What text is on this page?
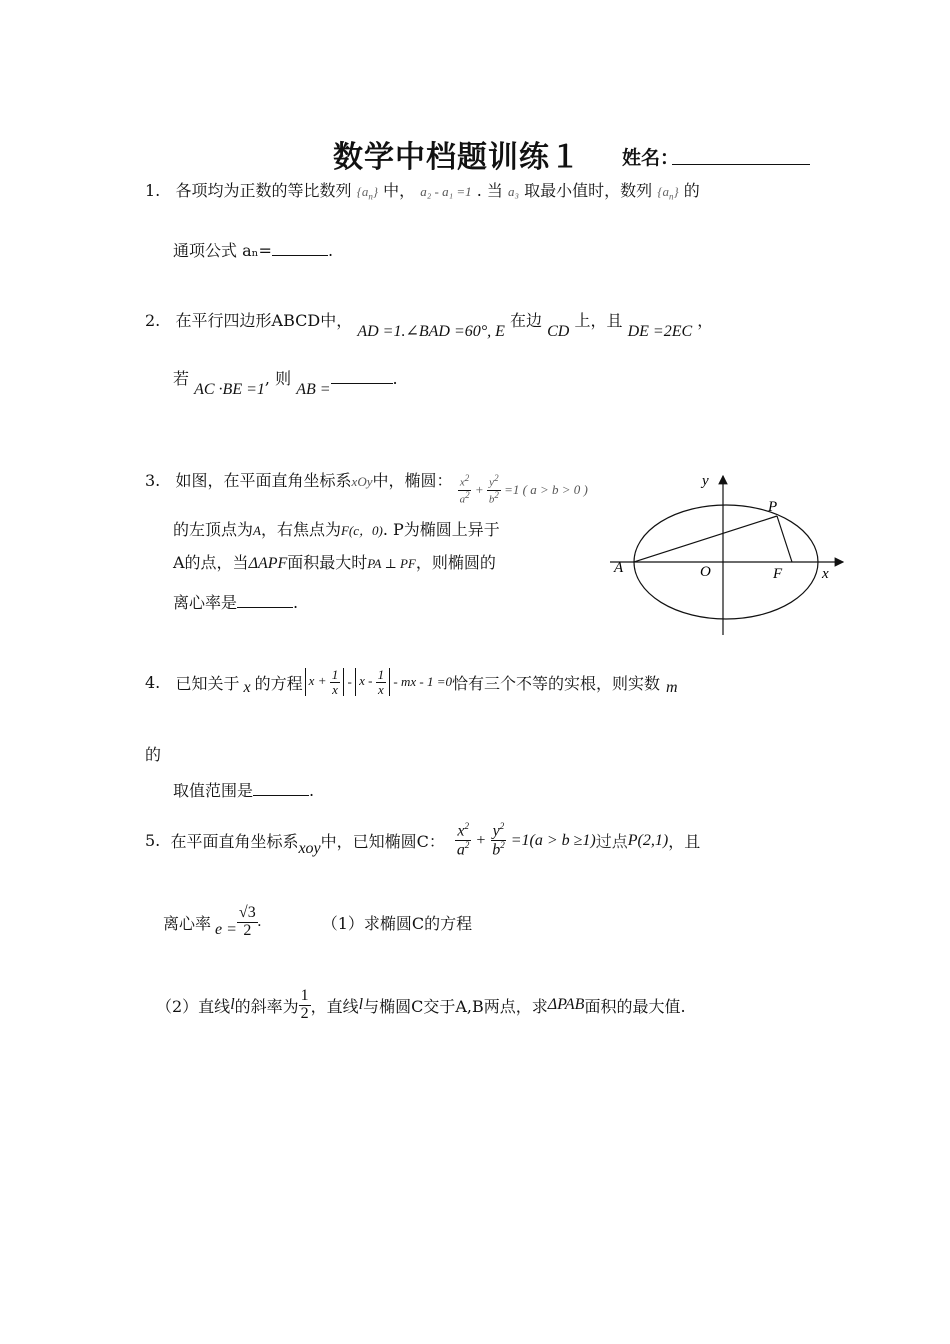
数学中档题训练１ 姓名：
1. 各项均为正数的等比数列 $\{a_n\}$ 中， a₂ - a₁ =1 . 当 a₃ 取最小值时，数列 $\{a_n\}$ 的
通项公式 aₙ=	.
2. 在平行四边形ABCD中， AD =1.∠BAD =60°, E 在边 CD 上，且 DE =2EC ，
若 AC ·BE =1, 则 AB =.
3. 如图，在平面直角坐标系xOy中，椭圆： $\frac{x^2}{a^2} + \frac{y^2}{b^2}$
=1 ( a > b > 0 )
的左顶点为A，右焦点为F(c，0). P为椭圆上异于
A的点，当ΔAPF面积最大时PA ⊥ PF，则椭圆的
离心率是	.
y
x
P
A	O	F
4.
已知关于 x 的方程 $x + \frac{1}{x} - x - \frac{1}{x}$
- mx - 1 =0 恰有三个不等的实根，则实数 m
的
取值范围是	.
5.
在平面直角坐标系 xoy 中，已知椭圆C： $\frac{x^2}{a^2} + \frac{y^2}{b^2}$
=1(a > b ≥1) 过点 P(2,1) ，且
离心率 $e = \frac{√3}{2}$ .	（1）求椭圆C的方程
（2）直线 l 的斜率为 $\frac{1}{2}$ ，直线 l 与椭圆C交于A,B两点，求 ΔPAB 面积的最大值.
